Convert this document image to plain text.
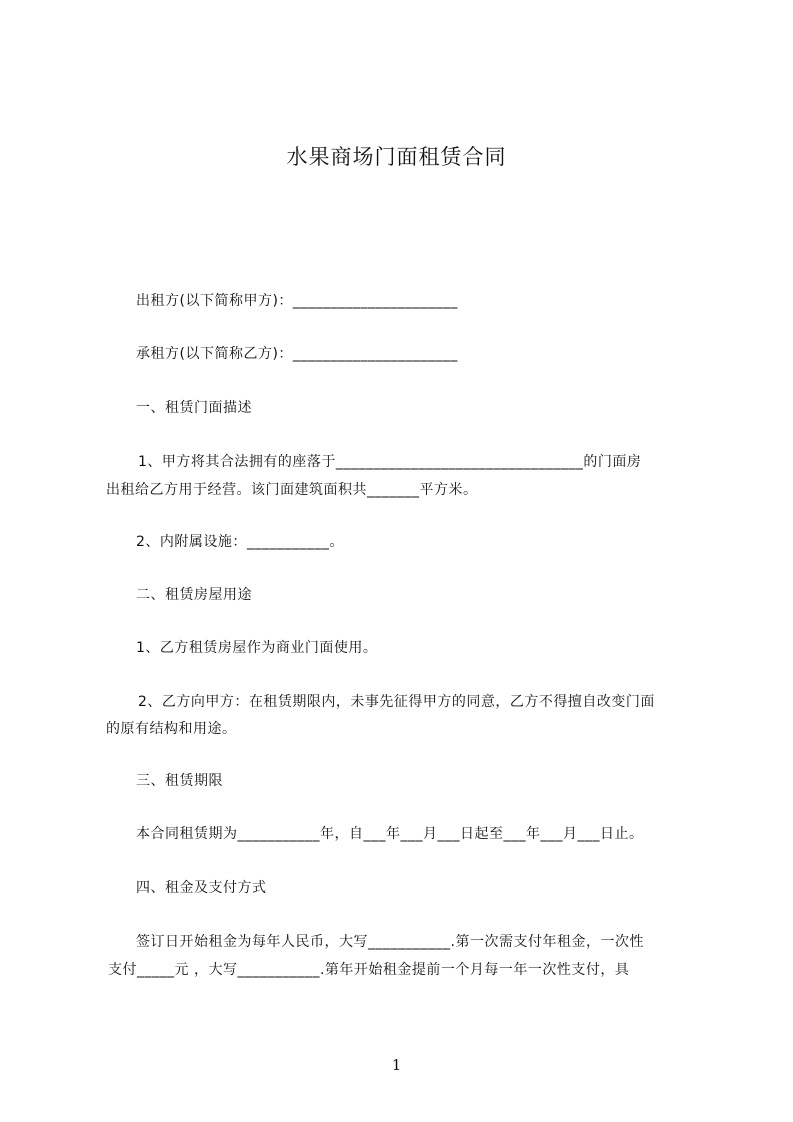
水果商场门面租赁合同
出租方(以下简称甲方)：______________________
承租方(以下简称乙方)：______________________
一、租赁门面描述
1、甲方将其合法拥有的座落于_________________________________的门面房
出租给乙方用于经营。该门面建筑面积共_______平方米。
2、内附属设施：___________。
二、租赁房屋用途
1、乙方租赁房屋作为商业门面使用。
2、乙方向甲方：在租赁期限内，未事先征得甲方的同意，乙方不得擅自改变门面
的原有结构和用途。
三、租赁期限
本合同租赁期为___________年，自___年___月___日起至___年___月___日止。
四、租金及支付方式
签订日开始租金为每年人民币，大写___________.第一次需支付年租金，一次性
支付_____元 ，大写___________.第年开始租金提前一个月每一年一次性支付，具
1
